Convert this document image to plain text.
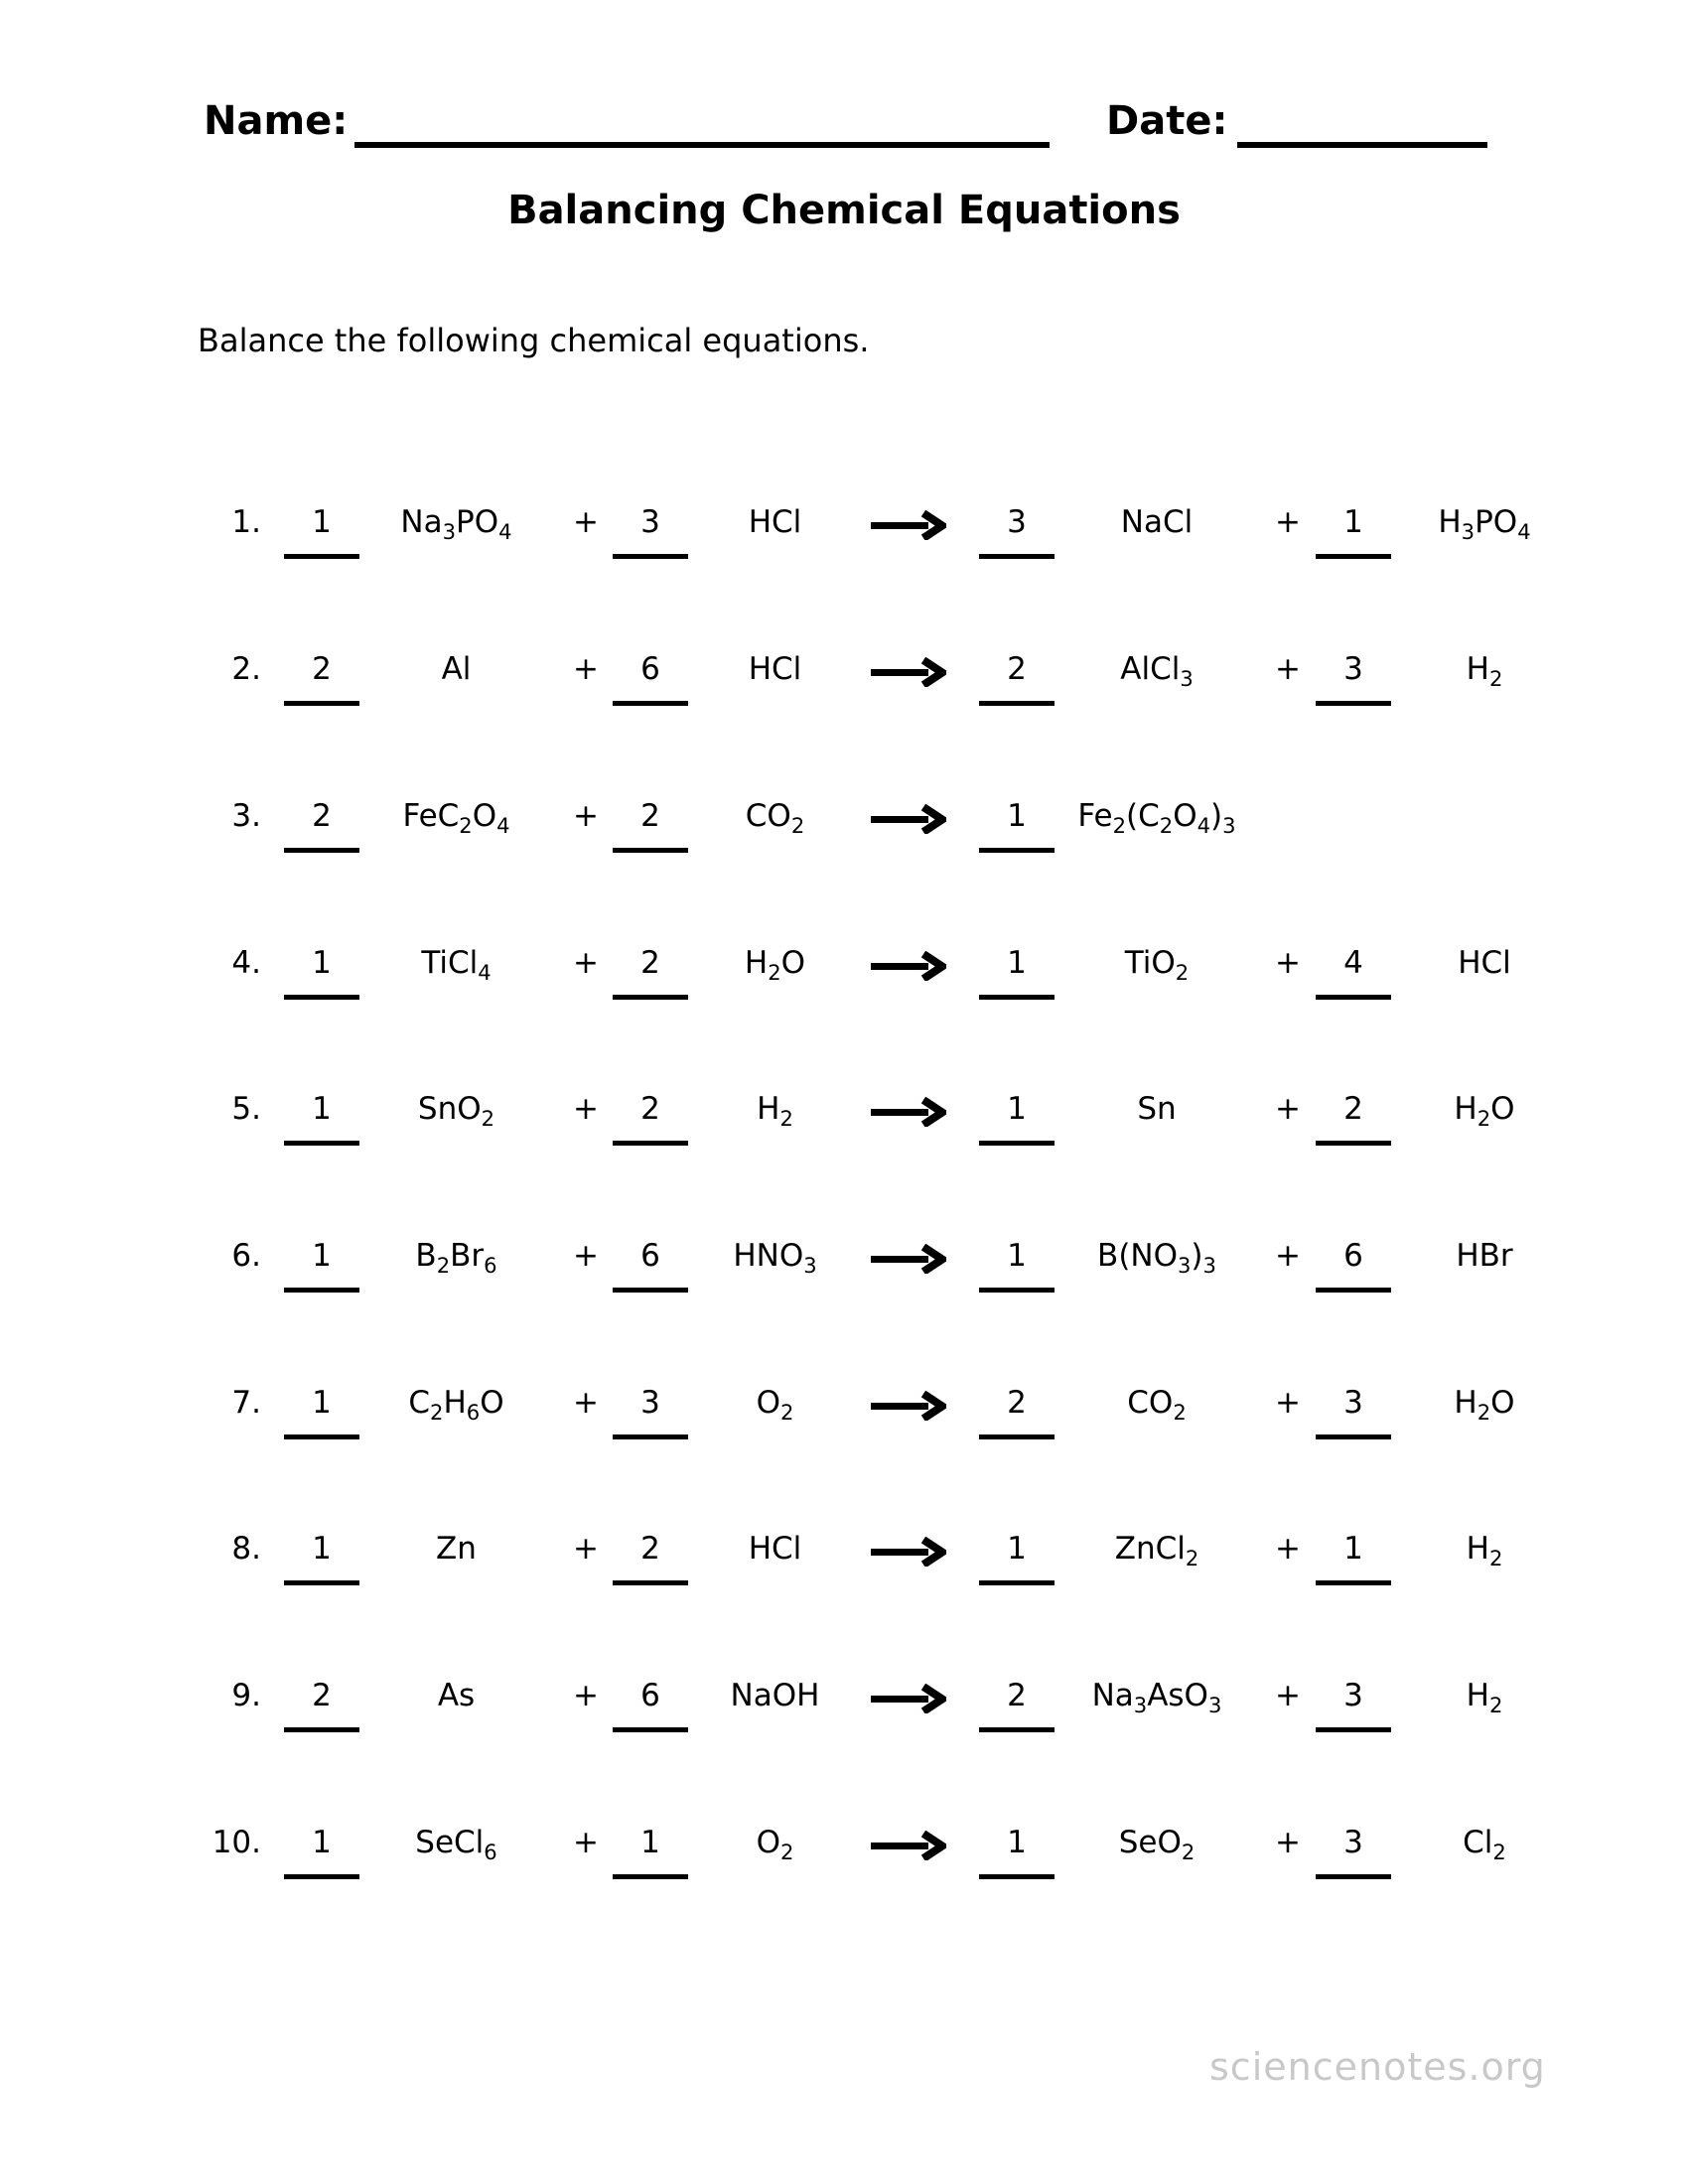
Name:	Date:
Balancing Chemical Equations

Balance the following chemical equations.

1.	1	$Na_3PO_4$	+	3	HCl	3	NaCl	+	1	$H_3PO_4$
2.	2	Al	+	6	HCl	2	AlCl$_3$	+	3	$H_2$
3.	2	$FeC_2O_4$	+	2	$CO_2$	1	$Fe_2(C_2O_4)_3$
4.	1	TiCl$_4$	+	2	$H_2O$	1	TiO$_2$	+	4	HCl
5.	1	SnO$_2$	+	2	$H_2$	1	Sn	+	2	$H_2O$
6.	1	$B_2Br_6$	+	6	$HNO_3$	1	$B(NO_3)_3$	+	6	HBr
7.	1	$C_2H_6O$	+	3	$O_2$	2	$CO_2$	+	3	$H_2O$
8.	1	Zn	+	2	HCl	1	ZnCl$_2$	+	1	$H_2$
9.	2	As	+	6	NaOH	2	$Na_3AsO_3$	+	3	$H_2$
10.	1	SeCl$_6$	+	1	$O_2$	1	SeO$_2$	+	3	$Cl_2$
sciencenotes.org
